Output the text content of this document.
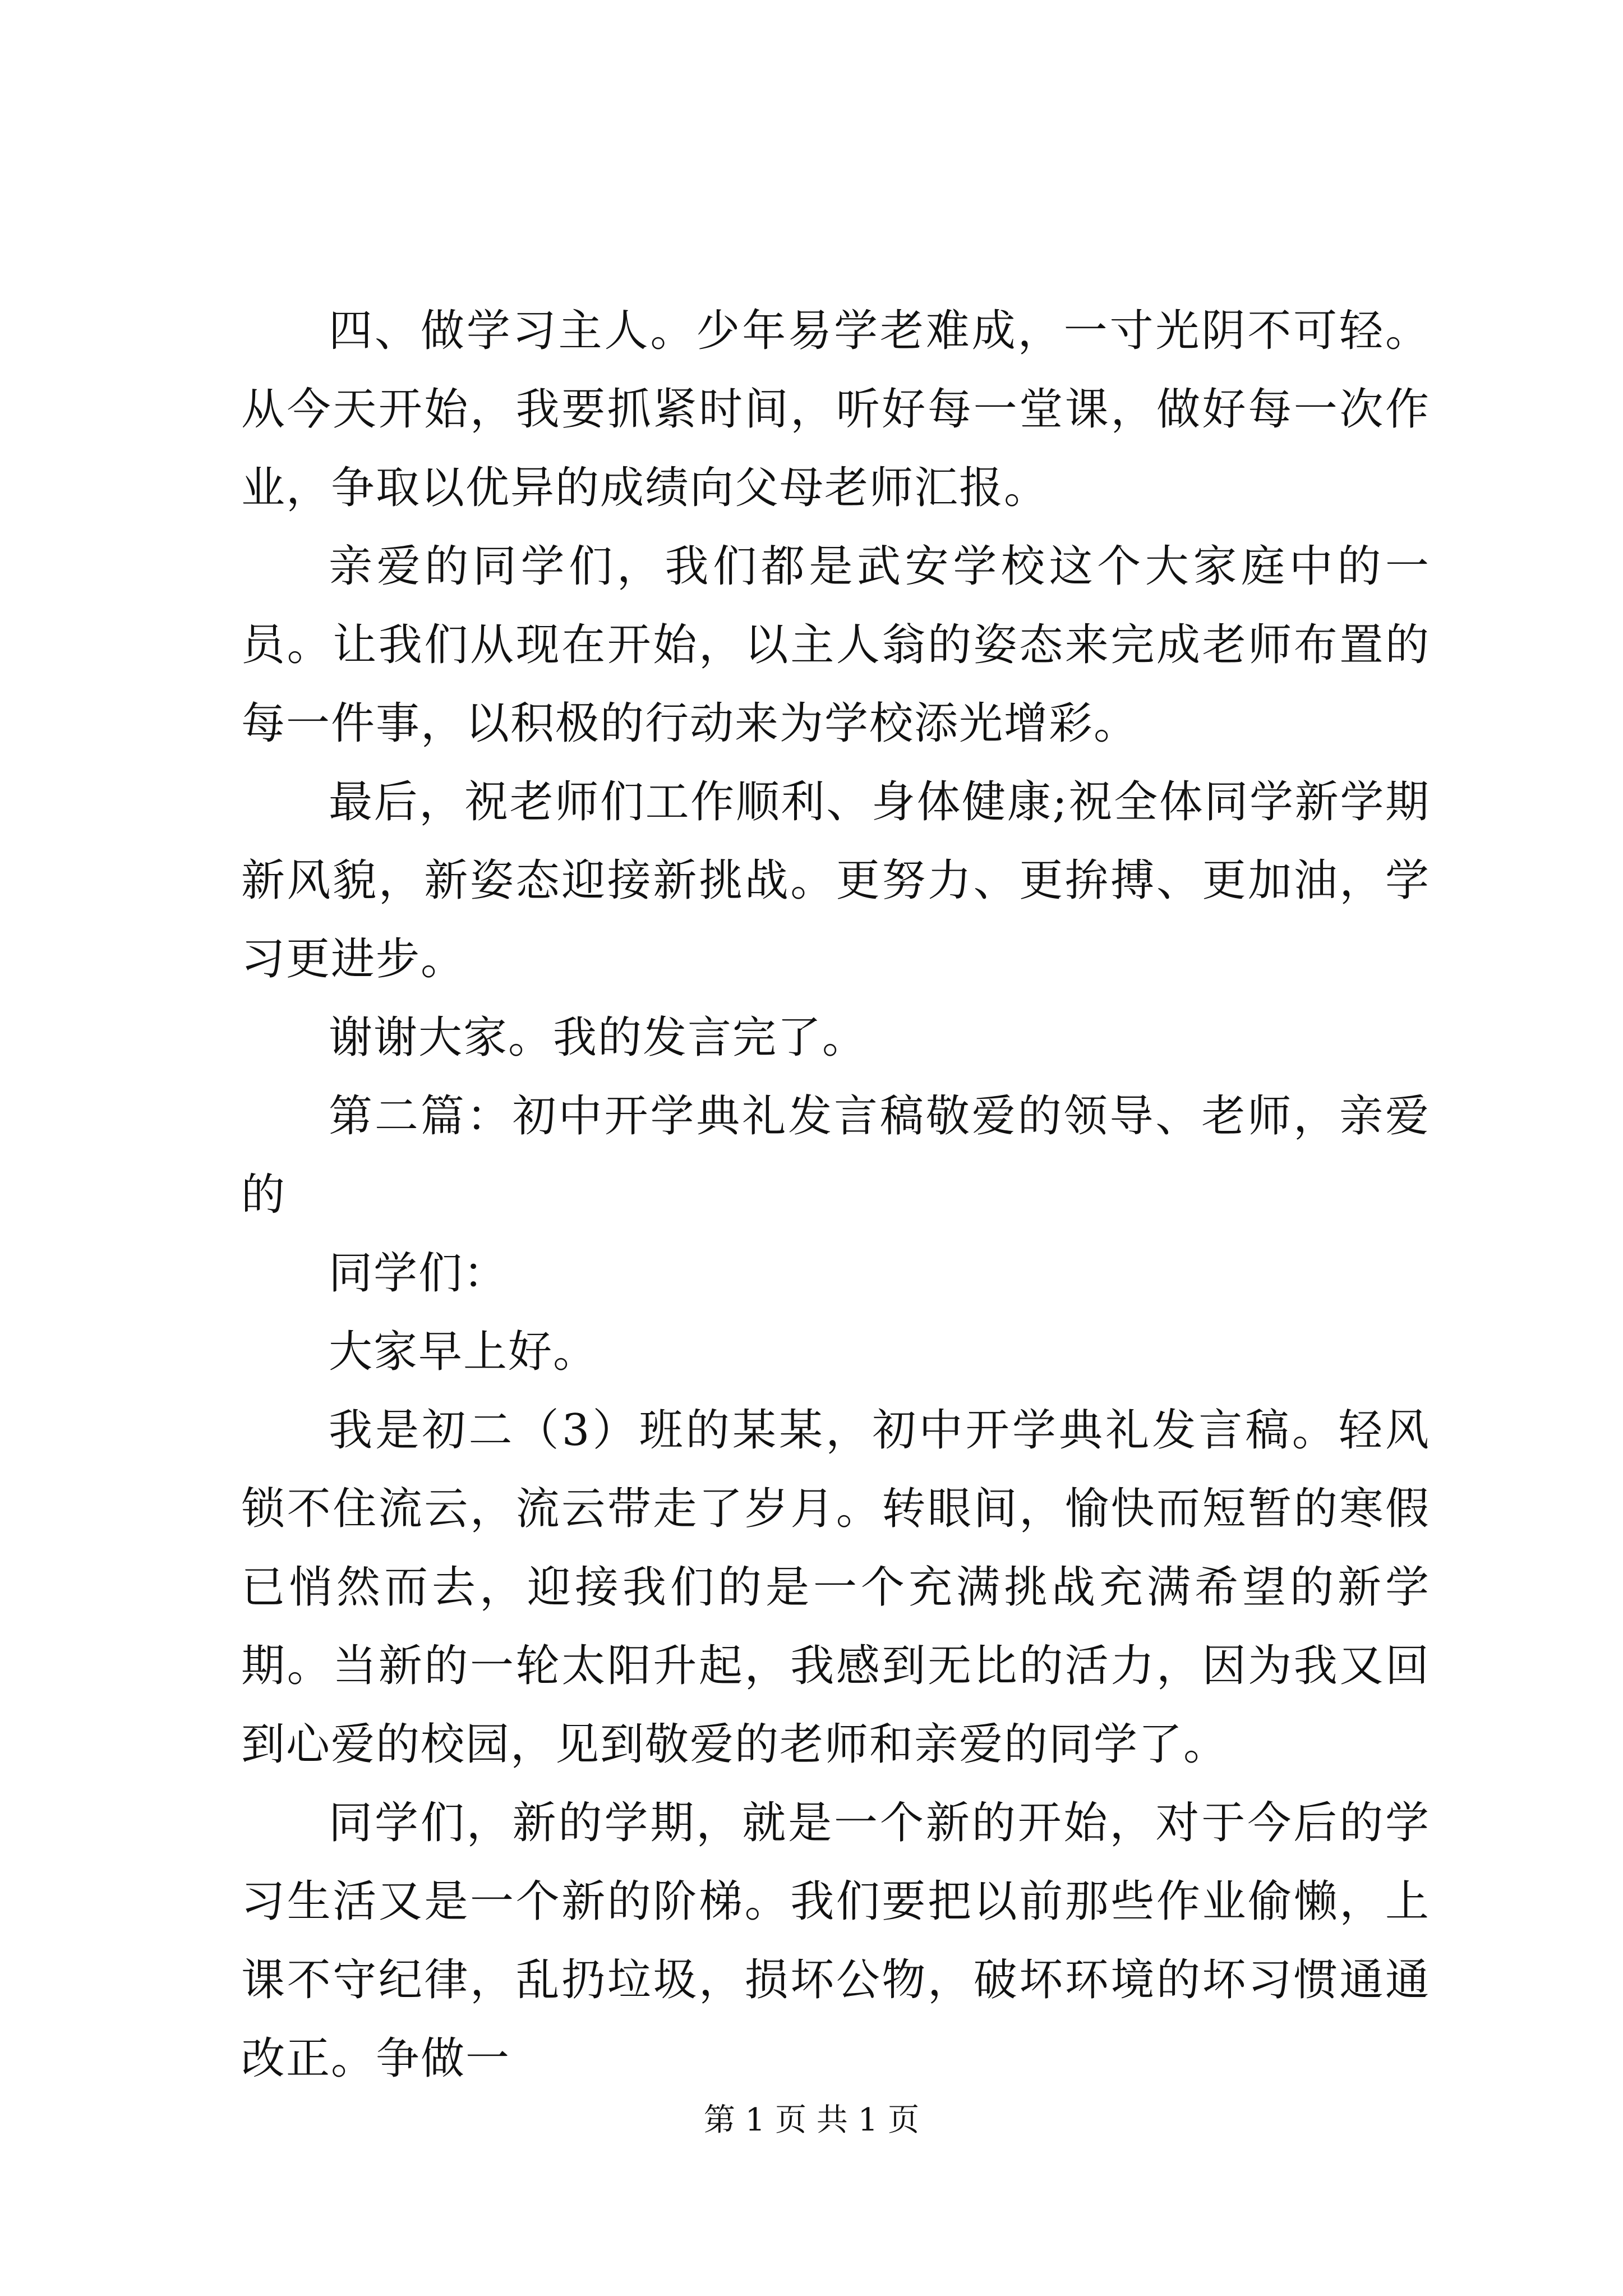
四、做学习主人。少年易学老难成，一寸光阴不可轻。从今天开始，我要抓紧时间，听好每一堂课，做好每一次作业，争取以优异的成绩向父母老师汇报。

亲爱的同学们，我们都是武安学校这个大家庭中的一员。让我们从现在开始，以主人翁的姿态来完成老师布置的每一件事，以积极的行动来为学校添光增彩。

最后，祝老师们工作顺利、身体健康;祝全体同学新学期新风貌，新姿态迎接新挑战。更努力、更拚搏、更加油，学习更进步。

谢谢大家。我的发言完了。

第二篇：初中开学典礼发言稿敬爱的领导、老师，亲爱的

同学们：

大家早上好。

我是初二（3）班的某某，初中开学典礼发言稿。轻风锁不住流云，流云带走了岁月。转眼间，愉快而短暂的寒假已悄然而去，迎接我们的是一个充满挑战充满希望的新学期。当新的一轮太阳升起，我感到无比的活力，因为我又回到心爱的校园，见到敬爱的老师和亲爱的同学了。

同学们，新的学期，就是一个新的开始，对于今后的学习生活又是一个新的阶梯。我们要把以前那些作业偷懒，上课不守纪律，乱扔垃圾，损坏公物，破坏环境的坏习惯通通改正。争做一

第 1 页 共 1 页
